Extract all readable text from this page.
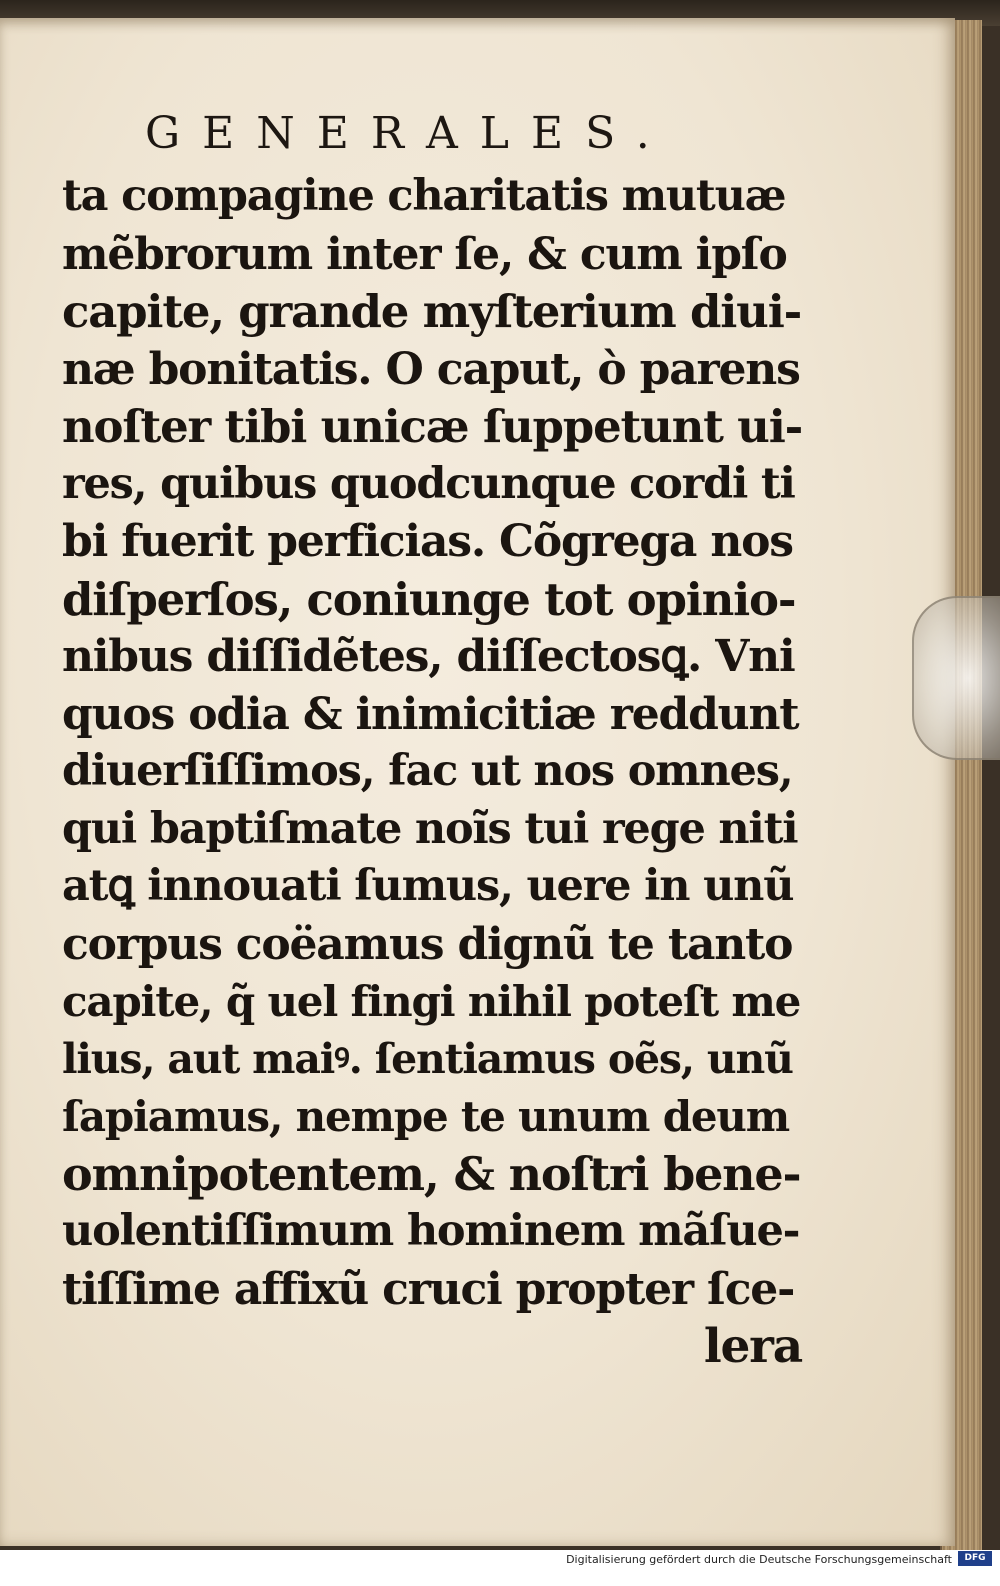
GENERALES.
ta compagine charitatis mutuæ
mẽbrorum inter ſe, & cum ipſo
capite, grande myſterium diui-
næ bonitatis. O caput, ò parens
noſter tibi unicæ ſuppetunt ui-
res, quibus quodcunque cordi ti
bi fuerit perficias. Cõgrega nos
diſperſos, coniunge tot opinio-
nibus diſſidẽtes, diſſectosꝗ. Vni
quos odia & inimicitiæ reddunt
diuerſiſſimos, fac ut nos omnes,
qui baptiſmate noĩs tui rege niti
atꝗ innouati ſumus, uere in unũ
corpus coëamus dignũ te tanto
capite, q̃ uel fingi nihil poteſt me
lius, aut maiꝰ. ſentiamus oẽs, unũ
ſapiamus, nempe te unum deum
omnipotentem, & noſtri bene-
uolentiſſimum hominem mãſue-
tiſſime affixũ cruci propter ſce-
lera
Digitalisierung gefördert durch die Deutsche Forschungsgemeinschaft	DFG
